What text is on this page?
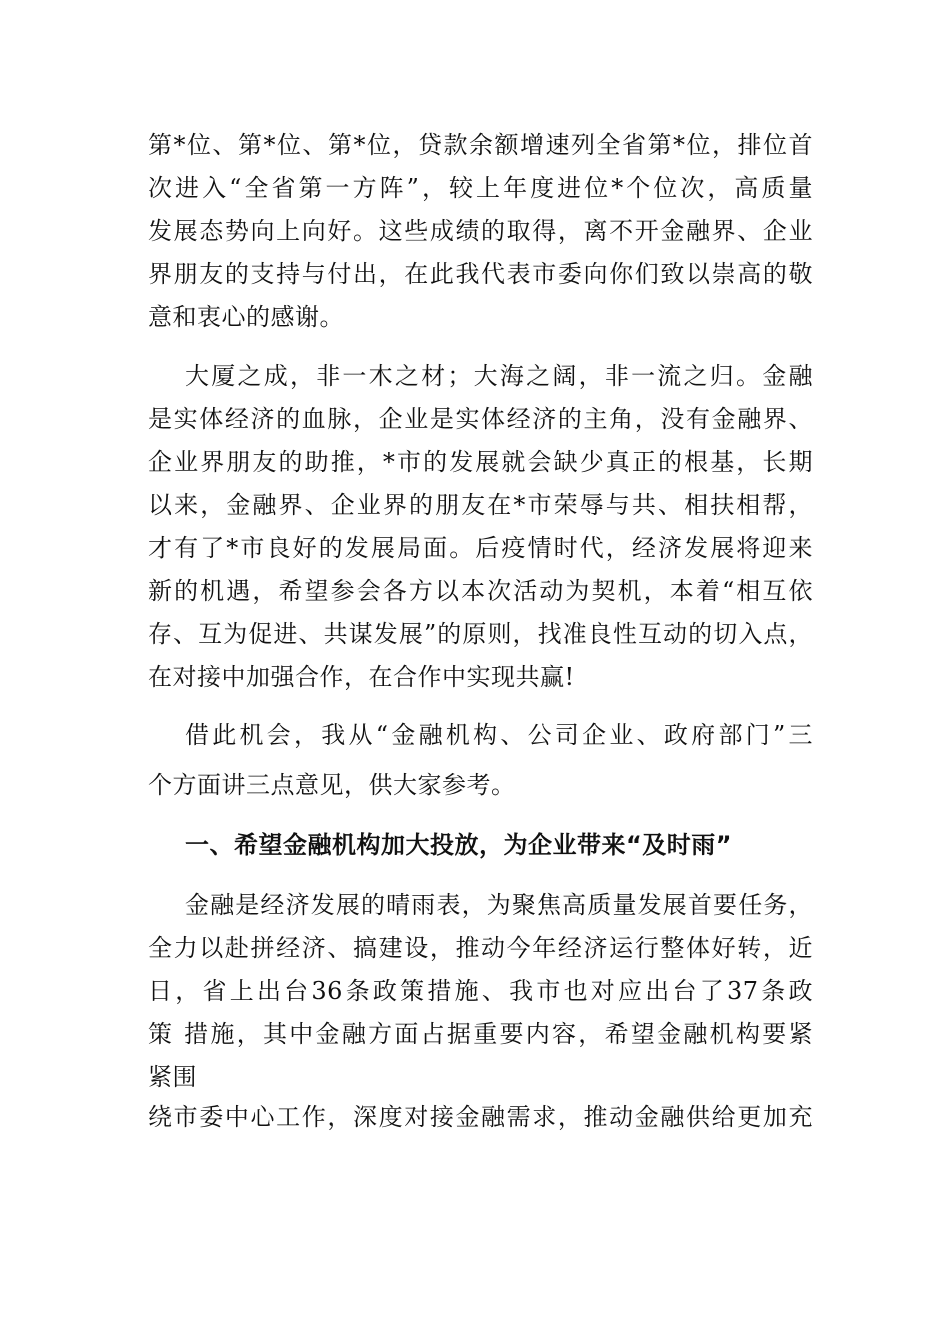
第*位、第*位、第*位，贷款余额增速列全省第*位，排位首
次进入“全省第一方阵”，较上年度进位*个位次，高质量
发展态势向上向好。这些成绩的取得，离不开金融界、企业
界朋友的支持与付出，在此我代表市委向你们致以崇高的敬
意和衷心的感谢。
大厦之成，非一木之材；大海之阔，非一流之归。金融
是实体经济的血脉，企业是实体经济的主角，没有金融界、
企业界朋友的助推，*市的发展就会缺少真正的根基，长期
以来，金融界、企业界的朋友在*市荣辱与共、相扶相帮，
才有了*市良好的发展局面。后疫情时代，经济发展将迎来
新的机遇，希望参会各方以本次活动为契机，本着“相互依
存、互为促进、共谋发展”的原则，找准良性互动的切入点，
在对接中加强合作，在合作中实现共赢!
借此机会，我从“金融机构、公司企业、政府部门”三
个方面讲三点意见，供大家参考。
一、希望金融机构加大投放，为企业带来“及时雨”
金融是经济发展的晴雨表，为聚焦高质量发展首要任务，
全力以赴拼经济、搞建设，推动今年经济运行整体好转，近
日，省上出台36条政策措施、我市也对应出台了37条政
策 措施，其中金融方面占据重要内容，希望金融机构要紧
紧围
绕市委中心工作，深度对接金融需求，推动金融供给更加充
